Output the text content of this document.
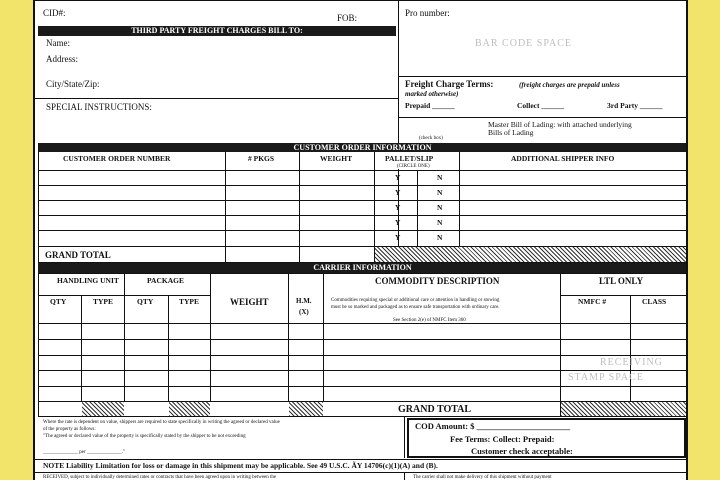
CID#:	FOB:	Pro number:
BAR CODE SPACE
THIRD PARTY FREIGHT CHARGES BILL TO:
Name:
Address:
City/State/Zip:
SPECIAL INSTRUCTIONS:
Freight Charge Terms:	(freight charges are prepaid unless
marked otherwise)
Prepaid ______	Collect ______	3rd Party ______
Master Bill of Lading: with attached underlying
Bills of Lading
(check box)
CUSTOMER ORDER INFORMATION
CUSTOMER ORDER NUMBER	# PKGS	WEIGHT	PALLET/SLIP
(CIRCLE ONE)
ADDITIONAL SHIPPER INFO
Y	N
Y	N
Y	N
Y	N
Y	N
GRAND TOTAL
CARRIER INFORMATION
HANDLING UNIT	PACKAGE
QTY	TYPE	QTY	TYPE	WEIGHT	H.M.
(X)
COMMODITY DESCRIPTION
Commodities requiring special or additional care or attention in handling or stowing
must be so marked and packaged as to ensure safe transportation with ordinary care.
See Section 2(e) of NMFC Item 360
LTL ONLY
NMFC #	CLASS
RECEIVING
STAMP SPACE
GRAND TOTAL
Where the rate is dependent on value, shippers are required to state specifically in writing the agreed or declared value
of the property as follows:
"The agreed or declared value of the property is specifically stated by the shipper to be not exceeding
______________ per ______________."
COD Amount: $ ______________________
Fee Terms: Collect: Prepaid:
Customer check acceptable:
NOTE Liability Limitation for loss or damage in this shipment may be applicable. See 49 U.S.C. ÃY 14706(c)(1)(A) and (B).
RECEIVED, subject to individually determined rates or contracts that have been agreed upon in writing between the	The carrier shall not make delivery of this shipment without payment
